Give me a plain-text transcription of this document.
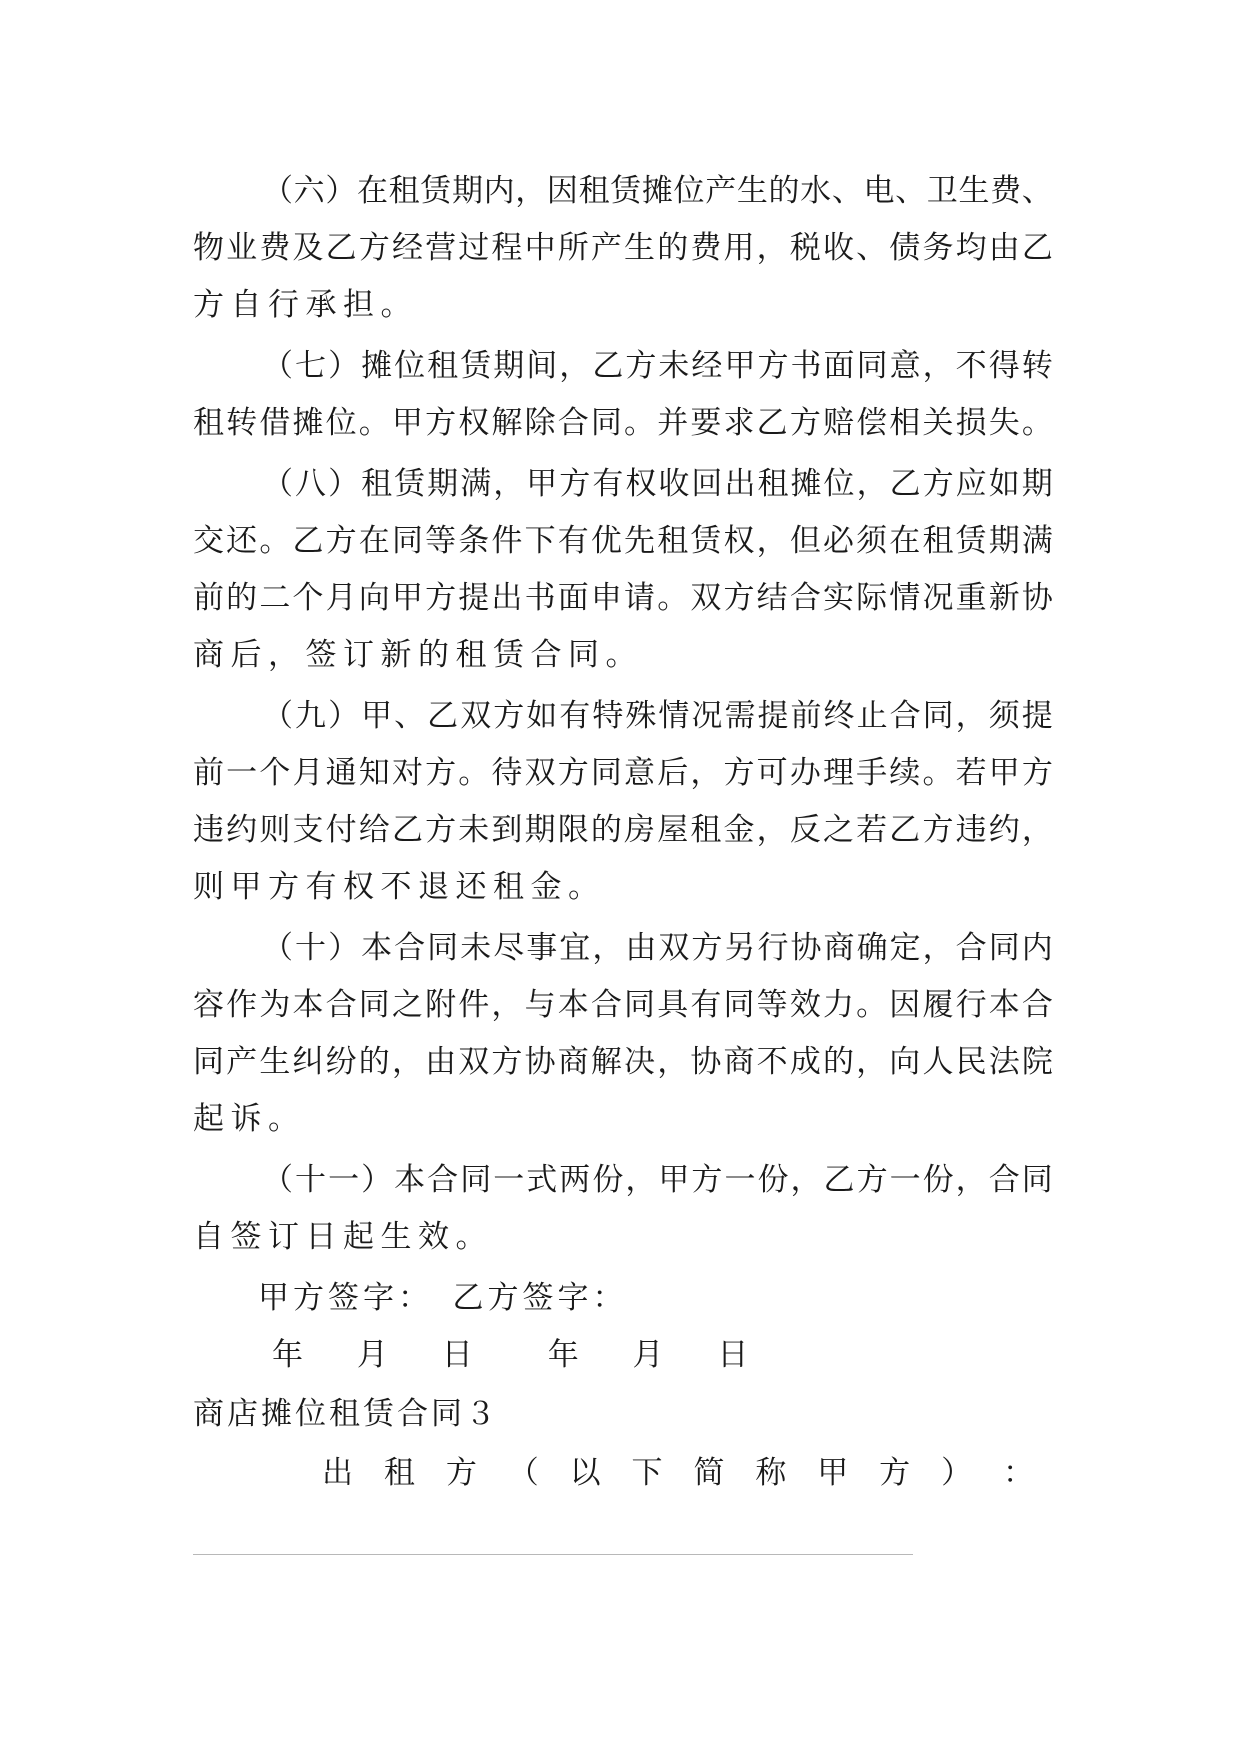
（ 六 ） 在 租 赁 期 内 ， 因 租 赁 摊 位 产 生 的 水 、 电 、 卫 生 费 、
物 业 费 及 乙 方 经 营 过 程 中 所 产 生 的 费 用 ， 税 收 、 债 务 均 由 乙
方 自 行 承 担 。
（ 七 ） 摊 位 租 赁 期 间 ， 乙 方 未 经 甲 方 书 面 同 意 ， 不 得 转
租 转 借 摊 位 。 甲 方 权 解 除 合 同 。 并 要 求 乙 方 赔 偿 相 关 损 失 。
（ 八 ） 租 赁 期 满 ， 甲 方 有 权 收 回 出 租 摊 位 ， 乙 方 应 如 期
交 还 。 乙 方 在 同 等 条 件 下 有 优 先 租 赁 权 ， 但 必 须 在 租 赁 期 满
前 的 二 个 月 向 甲 方 提 出 书 面 申 请 。 双 方 结 合 实 际 情 况 重 新 协
商 后 ， 签 订 新 的 租 赁 合 同 。
（ 九 ） 甲 、 乙 双 方 如 有 特 殊 情 况 需 提 前 终 止 合 同 ， 须 提
前 一 个 月 通 知 对 方 。 待 双 方 同 意 后 ， 方 可 办 理 手 续 。 若 甲 方
违 约 则 支 付 给 乙 方 未 到 期 限 的 房 屋 租 金 ， 反 之 若 乙 方 违 约 ，
则 甲 方 有 权 不 退 还 租 金 。
（ 十 ） 本 合 同 未 尽 事 宜 ， 由 双 方 另 行 协 商 确 定 ， 合 同 内
容 作 为 本 合 同 之 附 件 ， 与 本 合 同 具 有 同 等 效 力 。 因 履 行 本 合
同 产 生 纠 纷 的 ， 由 双 方 协 商 解 决 ， 协 商 不 成 的 ， 向 人 民 法 院
起 诉 。
（ 十 一 ） 本 合 同 一 式 两 份 ， 甲 方 一 份 ， 乙 方 一 份 ， 合 同
自 签 订 日 起 生 效 。
甲方签字：　乙方签字：
年 月 日　年 月 日
商店摊位租赁合同３
出 租 方 （ 以 下 简 称 甲 方 ） ：
